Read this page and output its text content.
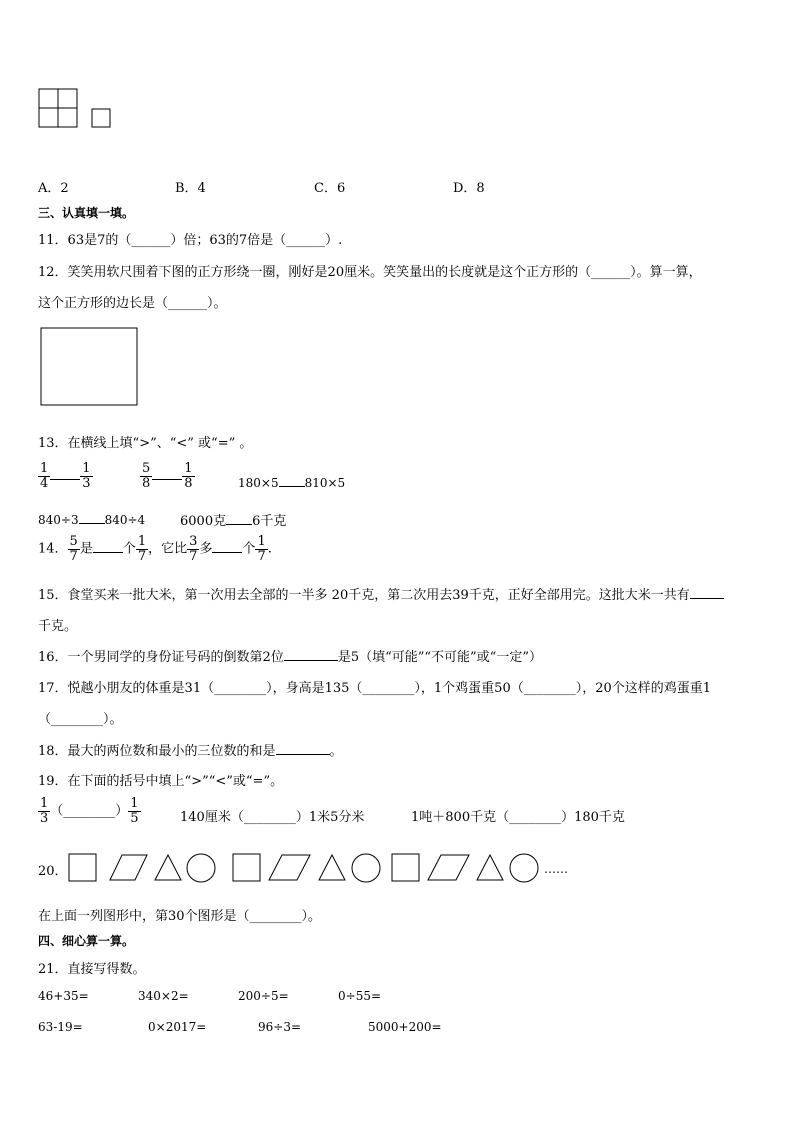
A．2	B．4	C．6	D．8
三、认真填一填。
11．63是7的（______）倍；63的7倍是（______）.
12．笑笑用软尺围着下图的正方形绕一圈，刚好是20厘米。笑笑量出的长度就是这个正方形的（______）。算一算，
这个正方形的边长是（______）。
13．在横线上填“>”、“<” 或“=” 。
$\frac{1}{4} \frac{1}{3}$	$\frac{5}{8} \frac{1}{8}$	180×5 810×5
840÷3 840÷4	6000克 6千克
14． $\frac{5}{7}$ 是 个 $\frac{1}{7}$ ，它比 $\frac{3}{7}$ 多 个 $\frac{1}{7}$ .
15．食堂买来一批大米，第一次用去全部的一半多 20千克，第二次用去39千克，正好全部用完。这批大米一共有
千克。
16．一个男同学的身份证号码的倒数第2位	是5（填“可能”“不可能”或“一定”）
17．悦越小朋友的体重是31（________），身高是135（________），1个鸡蛋重50（________），20个这样的鸡蛋重1
（________）。
18．最大的两位数和最小的三位数的和是	。
19．在下面的括号中填上“>”“<”或“=”。
$\frac{1}{3}$ （________） $\frac{1}{5}$	140厘米（________）1米5分米	1吨＋800千克（________）180千克
20．	……
在上面一列图形中，第30个图形是（________）。
四、细心算一算。
21．直接写得数。
46+35=	340×2=	200÷5=	0÷55=
63-19=	0×2017=	96÷3=	5000+200=
